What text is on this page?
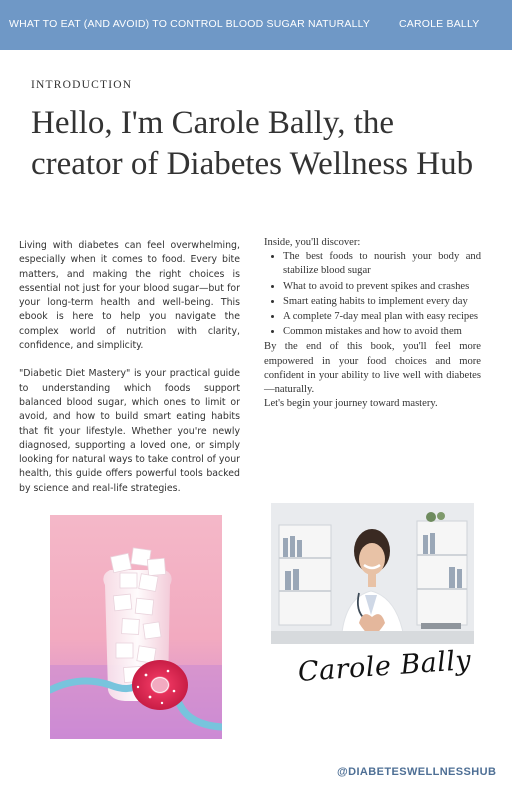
WHAT TO EAT (AND AVOID) TO CONTROL BLOOD SUGAR NATURALLY	CAROLE BALLY
INTRODUCTION
Hello, I'm Carole Bally, the creator of Diabetes Wellness Hub

Living with diabetes can feel overwhelming, especially when it comes to food. Every bite matters, and making the right choices is essential not just for your blood sugar—but for your long-term health and well-being. This ebook is here to help you navigate the complex world of nutrition with clarity, confidence, and simplicity.

"Diabetic Diet Mastery" is your practical guide to understanding which foods support balanced blood sugar, which ones to limit or avoid, and how to build smart eating habits that fit your lifestyle. Whether you're newly diagnosed, supporting a loved one, or simply looking for natural ways to take control of your health, this guide offers powerful tools backed by science and real-life strategies.

Inside, you'll discover:

• The best foods to nourish your body and stabilize blood sugar
• What to avoid to prevent spikes and crashes
• Smart eating habits to implement every day
• A complete 7-day meal plan with easy recipes
• Common mistakes and how to avoid them

By the end of this book, you'll feel more empowered in your food choices and more confident in your ability to live well with diabetes—naturally.

Let's begin your journey toward mastery.

Carole Bally
@DIABETESWELLNESSHUB
